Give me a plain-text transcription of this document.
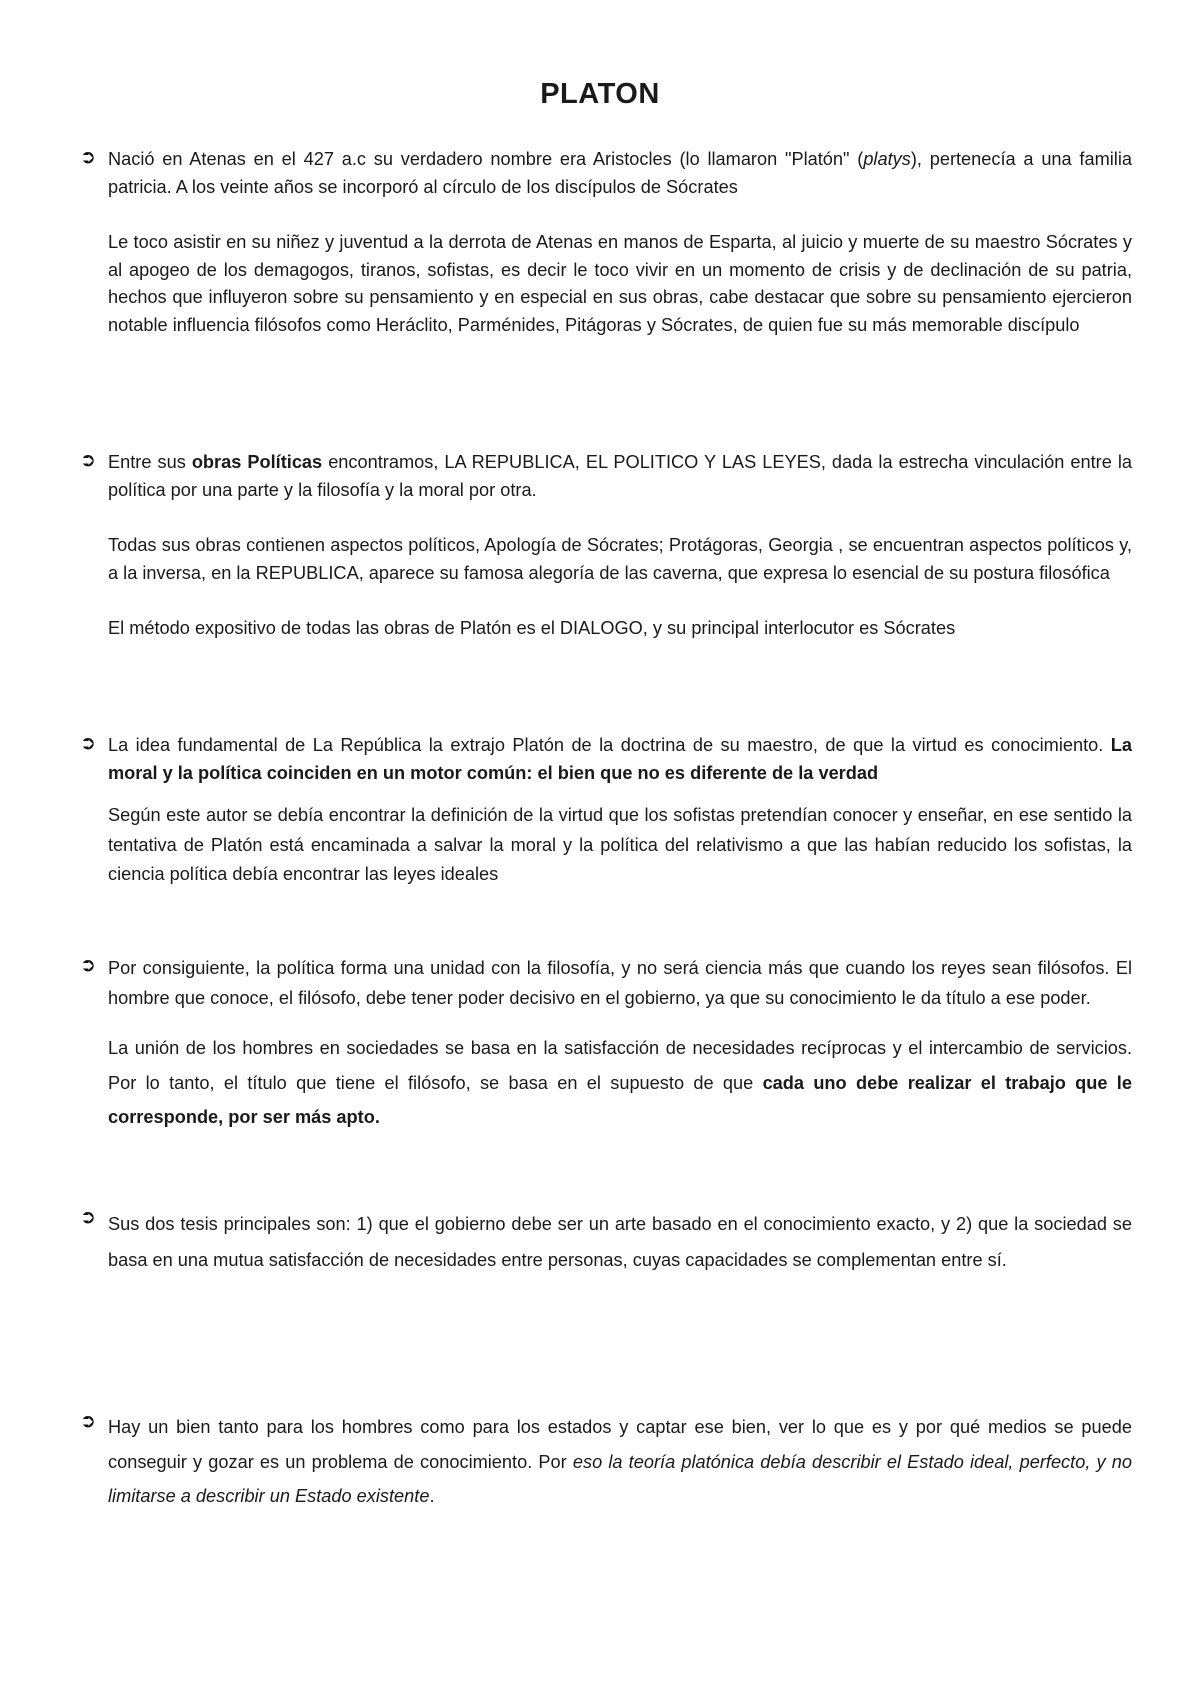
PLATON
➲ Nació en Atenas en el 427 a.c su verdadero nombre era Aristocles (lo llamaron "Platón" (platys), pertenecía a una familia patricia. A los veinte años se incorporó al círculo de los discípulos de Sócrates

Le toco asistir en su niñez y juventud a la derrota de Atenas en manos de Esparta, al juicio y muerte de su maestro Sócrates y al apogeo de los demagogos, tiranos, sofistas, es decir le toco vivir en un momento de crisis y de declinación de su patria, hechos que influyeron sobre su pensamiento y en especial en sus obras, cabe destacar que sobre su pensamiento ejercieron notable influencia filósofos como Heráclito, Parménides, Pitágoras y Sócrates, de quien fue su más memorable discípulo

➲ Entre sus obras Políticas encontramos, LA REPUBLICA, EL POLITICO Y LAS LEYES, dada la estrecha vinculación entre la política por una parte y la filosofía y la moral por otra.

Todas sus obras contienen aspectos políticos, Apología de Sócrates; Protágoras, Georgia , se encuentran aspectos políticos y, a la inversa, en la REPUBLICA, aparece su famosa alegoría de las caverna, que expresa lo esencial de su postura filosófica

El método expositivo de todas las obras de Platón es el DIALOGO, y su principal interlocutor es Sócrates

➲ La idea fundamental de La República la extrajo Platón de la doctrina de su maestro, de que la virtud es conocimiento. La moral y la política coinciden en un motor común: el bien que no es diferente de la verdad

Según este autor se debía encontrar la definición de la virtud que los sofistas pretendían conocer y enseñar, en ese sentido la tentativa de Platón está encaminada a salvar la moral y la política del relativismo a que las habían reducido los sofistas, la ciencia política debía encontrar las leyes ideales

➲ Por consiguiente, la política forma una unidad con la filosofía, y no será ciencia más que cuando los reyes sean filósofos. El hombre que conoce, el filósofo, debe tener poder decisivo en el gobierno, ya que su conocimiento le da título a ese poder.

La unión de los hombres en sociedades se basa en la satisfacción de necesidades recíprocas y el intercambio de servicios. Por lo tanto, el título que tiene el filósofo, se basa en el supuesto de que cada uno debe realizar el trabajo que le corresponde, por ser más apto.

➲ Sus dos tesis principales son: 1) que el gobierno debe ser un arte basado en el conocimiento exacto, y 2) que la sociedad se basa en una mutua satisfacción de necesidades entre personas, cuyas capacidades se complementan entre sí.

➲ Hay un bien tanto para los hombres como para los estados y captar ese bien, ver lo que es y por qué medios se puede conseguir y gozar es un problema de conocimiento. Por eso la teoría platónica debía describir el Estado ideal, perfecto, y no limitarse a describir un Estado existente.
